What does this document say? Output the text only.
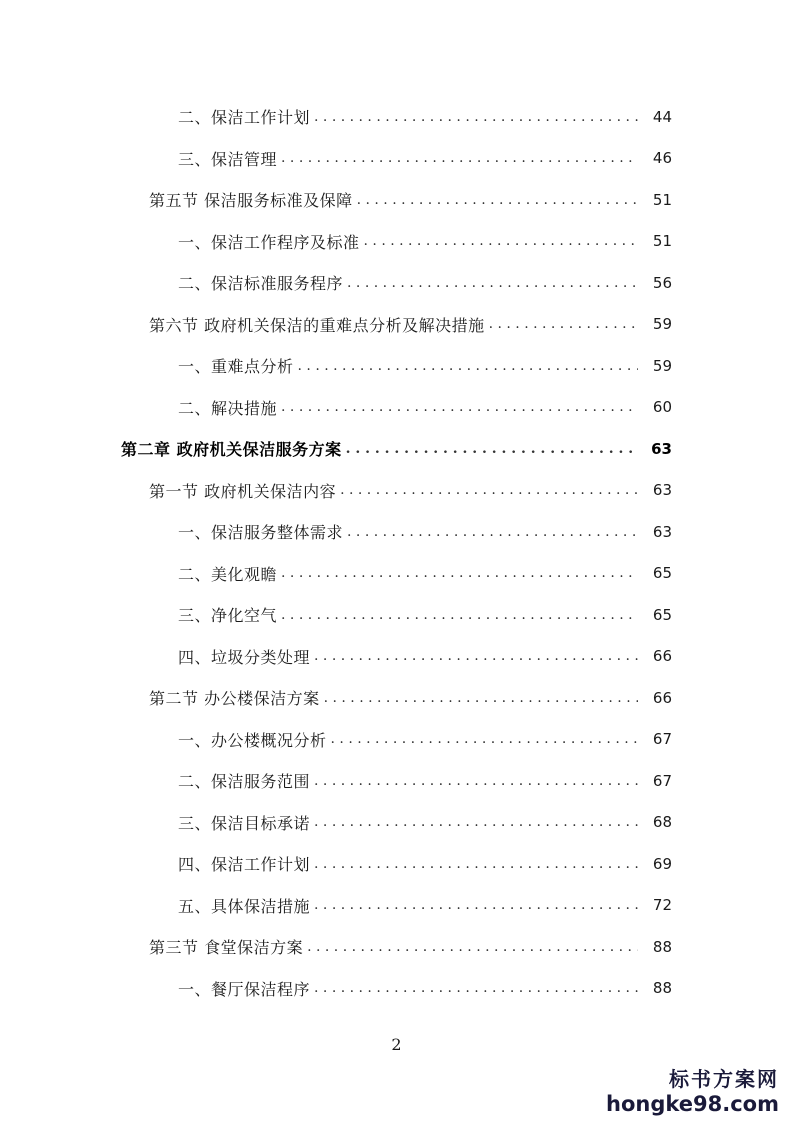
二、保洁工作计划 . . .	44
三、保洁管理 . . .	46
第五节 保洁服务标准及保障 . . .	51
一、保洁工作程序及标准 . . .	51
二、保洁标准服务程序 . . .	56
第六节 政府机关保洁的重难点分析及解决措施 . . .	59
一、重难点分析 . . .	59
二、解决措施 . . .	60
第二章 政府机关保洁服务方案 . . .	63
第一节 政府机关保洁内容 . . .	63
一、保洁服务整体需求 . . .	63
二、美化观瞻 . . .	65
三、净化空气 . . .	65
四、垃圾分类处理 . . .	66
第二节 办公楼保洁方案 . . .	66
一、办公楼概况分析 . . .	67
二、保洁服务范围 . . .	67
三、保洁目标承诺 . . .	68
四、保洁工作计划 . . .	69
五、具体保洁措施 . . .	72
第三节 食堂保洁方案 . . .	88
一、餐厅保洁程序 . . .	88
2
标书方案网
hongke98.com
